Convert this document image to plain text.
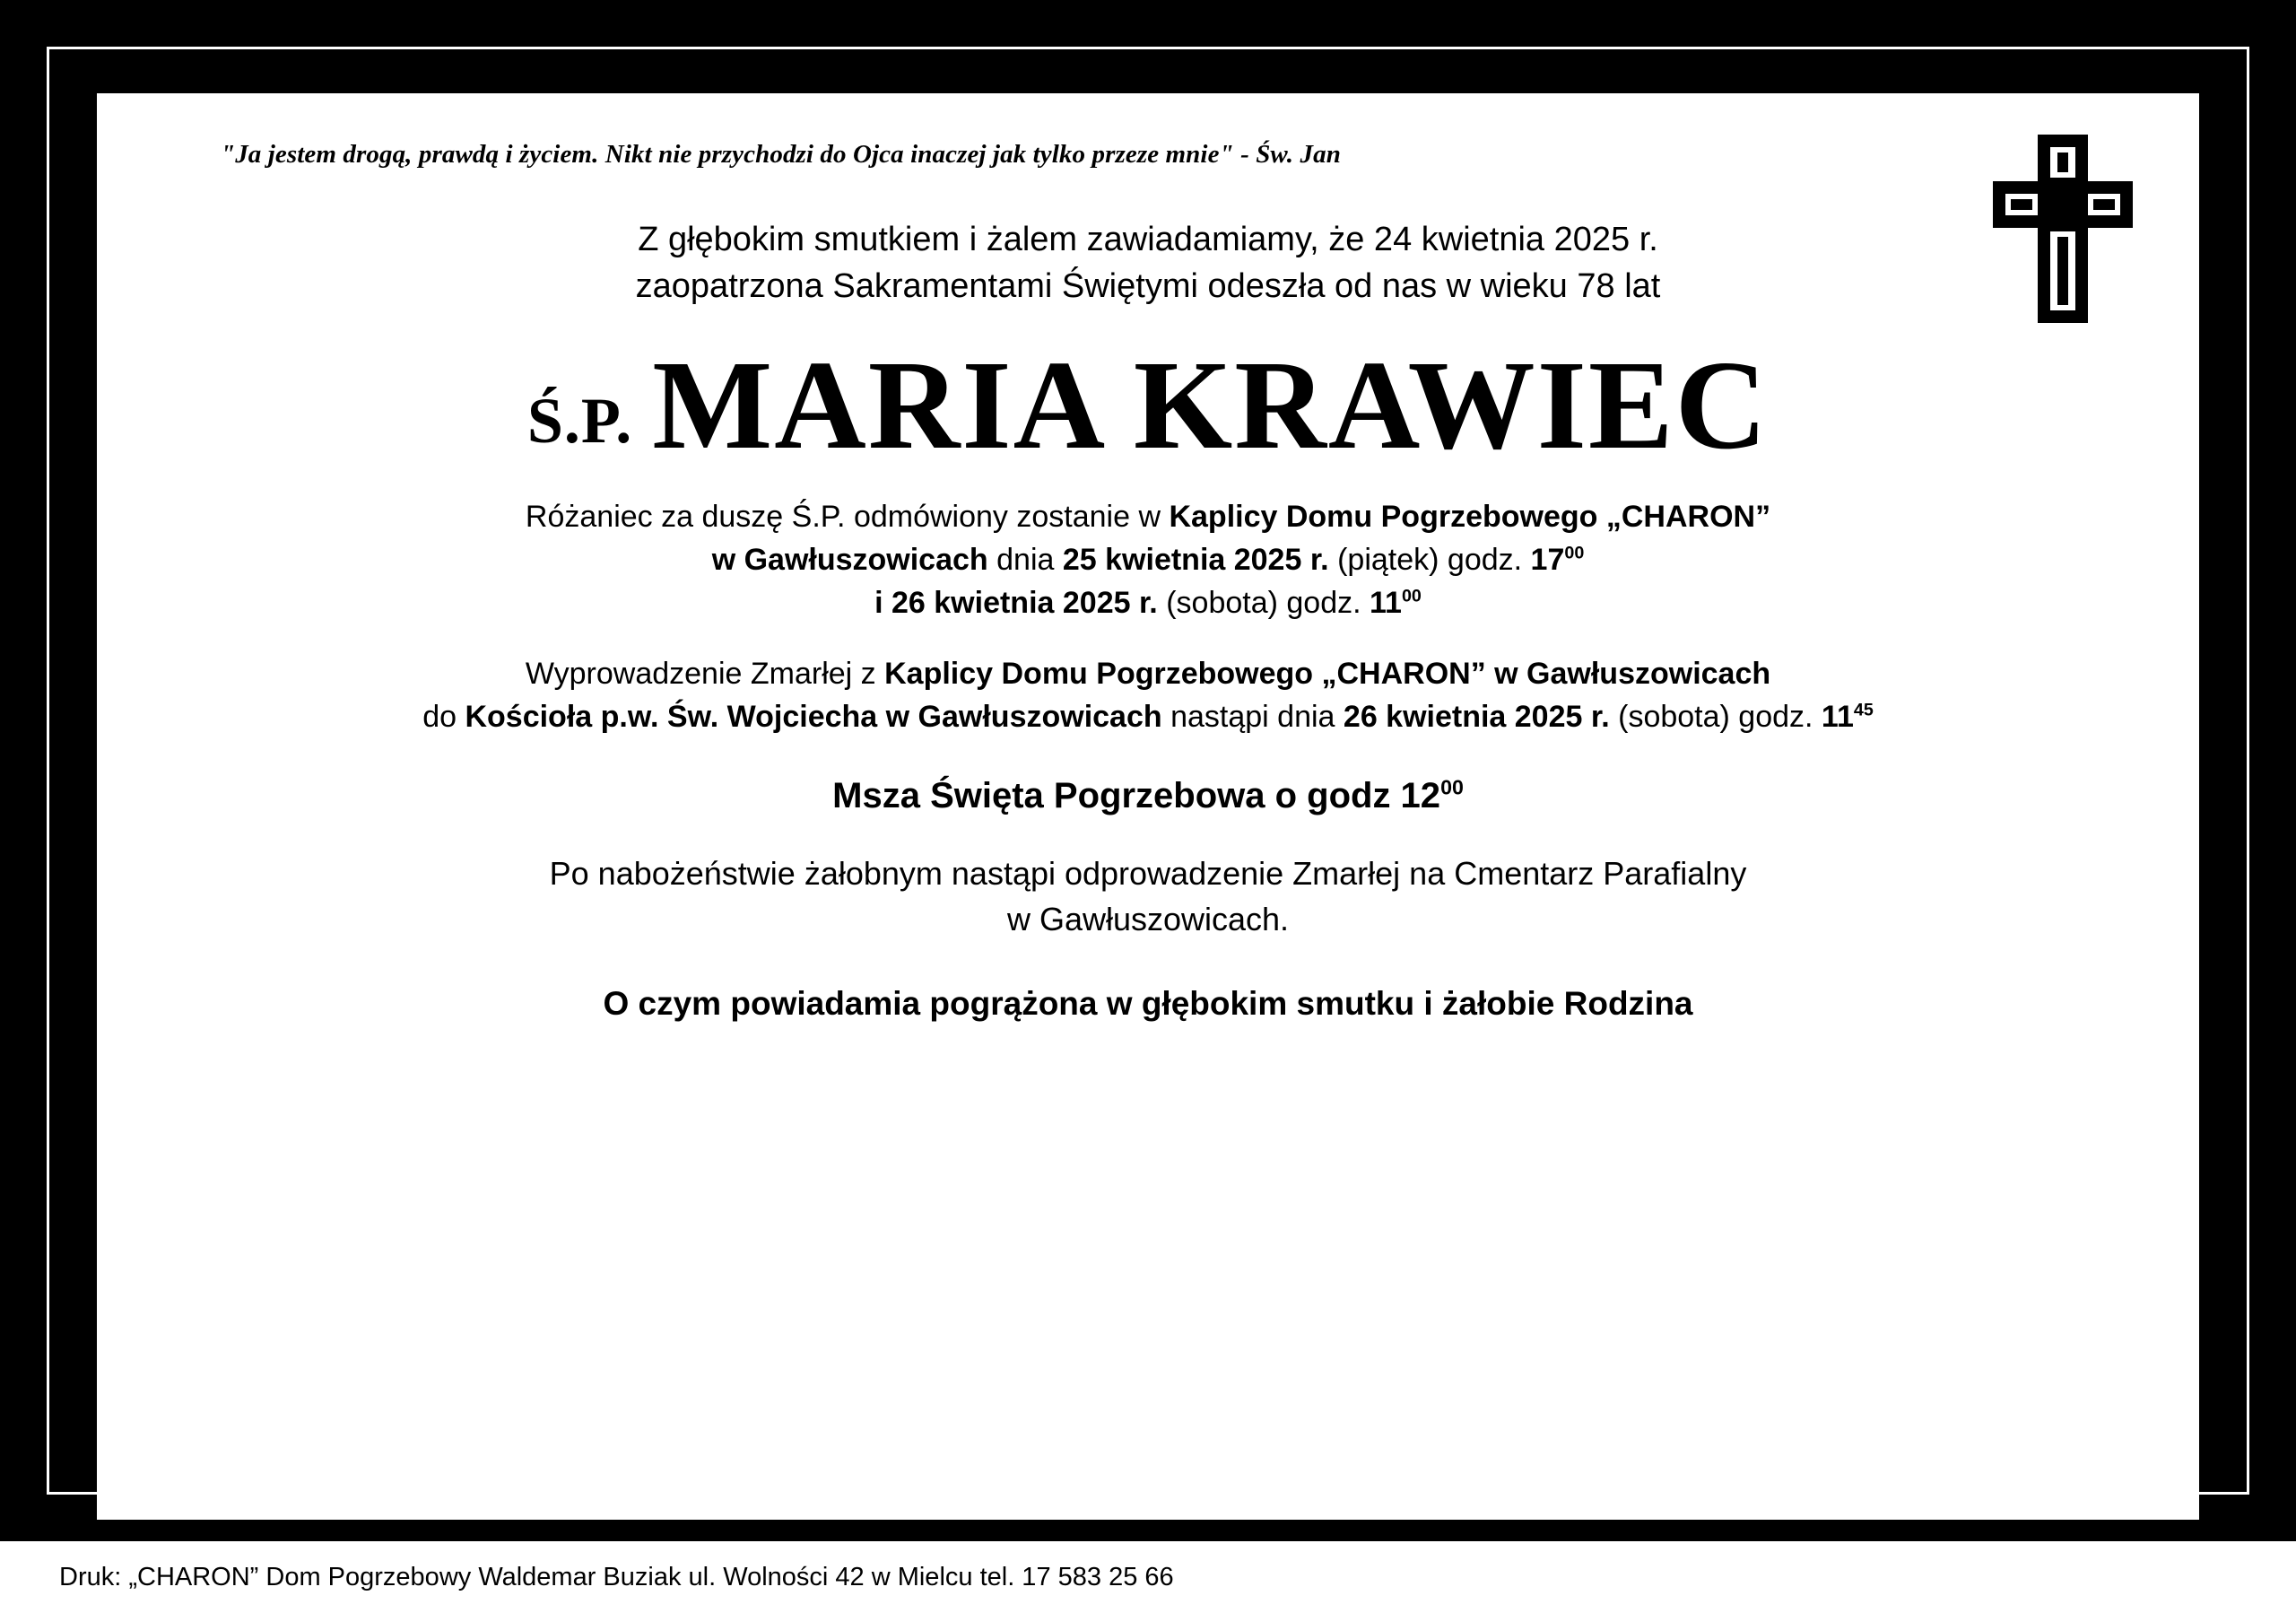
"Ja jestem drogą, prawdą i życiem. Nikt nie przychodzi do Ojca inaczej jak tylko przeze mnie" - Św. Jan
Z głębokim smutkiem i żalem zawiadamiamy, że 24 kwietnia 2025 r.
zaopatrzona Sakramentami Świętymi odeszła od nas w wieku 78 lat
Ś.P. MARIA KRAWIEC
Różaniec za duszę Ś.P. odmówiony zostanie w Kaplicy Domu Pogrzebowego „CHARON”
w Gawłuszowicach dnia 25 kwietnia 2025 r. (piątek) godz. $17^{00}$
i 26 kwietnia 2025 r. (sobota) godz. $11^{00}$
Wyprowadzenie Zmarłej z Kaplicy Domu Pogrzebowego „CHARON” w Gawłuszowicach
do Kościoła p.w. Św. Wojciecha w Gawłuszowicach nastąpi dnia 26 kwietnia 2025 r. (sobota) godz. $11^{45}$
Msza Święta Pogrzebowa o godz $12^{00}$
Po nabożeństwie żałobnym nastąpi odprowadzenie Zmarłej na Cmentarz Parafialny
w Gawłuszowicach.
O czym powiadamia pogrążona w głębokim smutku i żałobie Rodzina
Druk: „CHARON” Dom Pogrzebowy Waldemar Buziak ul. Wolności 42 w Mielcu tel. 17 583 25 66
